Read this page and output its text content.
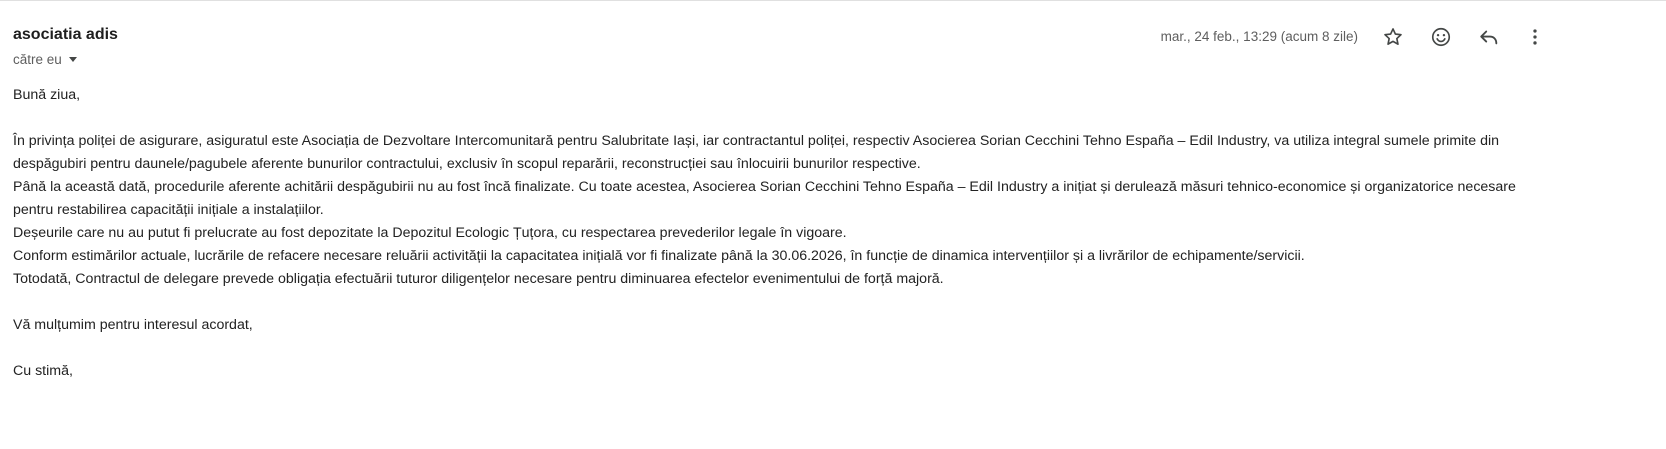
asociatia adis
către eu
mar., 24 feb., 13:29 (acum 8 zile)

Bună ziua,

În privința poliței de asigurare, asiguratul este Asociația de Dezvoltare Intercomunitară pentru Salubritate Iași, iar contractantul poliței, respectiv Asocierea Sorian Cecchini Tehno España – Edil Industry, va utiliza integral sumele primite din despăgubiri pentru daunele/pagubele aferente bunurilor contractului, exclusiv în scopul reparării, reconstrucției sau înlocuirii bunurilor respective.

Până la această dată, procedurile aferente achitării despăgubirii nu au fost încă finalizate. Cu toate acestea, Asocierea Sorian Cecchini Tehno España – Edil Industry a inițiat și derulează măsuri tehnico-economice și organizatorice necesare pentru restabilirea capacității inițiale a instalațiilor.

Deșeurile care nu au putut fi prelucrate au fost depozitate la Depozitul Ecologic Țuțora, cu respectarea prevederilor legale în vigoare.

Conform estimărilor actuale, lucrările de refacere necesare reluării activității la capacitatea inițială vor fi finalizate până la 30.06.2026, în funcție de dinamica intervențiilor și a livrărilor de echipamente/servicii.

Totodată, Contractul de delegare prevede obligația efectuării tuturor diligențelor necesare pentru diminuarea efectelor evenimentului de forță majoră.

Vă mulțumim pentru interesul acordat,

Cu stimă,
